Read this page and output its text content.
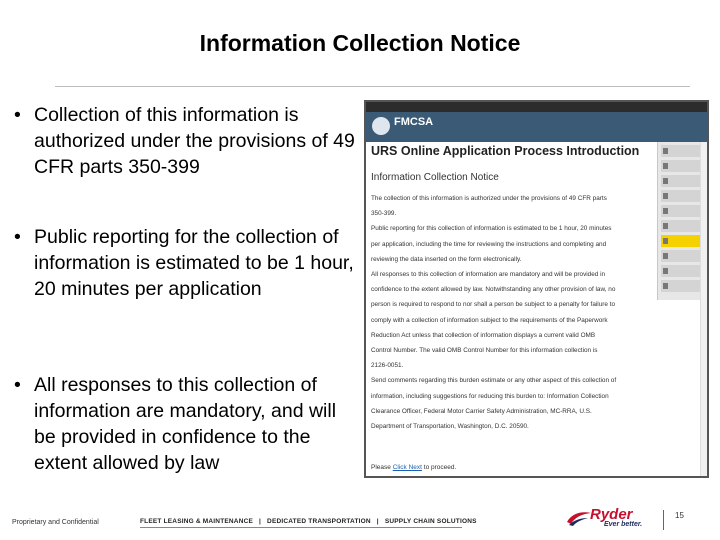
Information Collection Notice
• Collection of this information is authorized under the provisions of 49 CFR parts 350-399
• Public reporting for the collection of information is estimated to be 1 hour, 20 minutes per application
• All responses to this collection of information are mandatory, and will be provided in confidence to the extent allowed by law
FMCSA
URS Online Application Process Introduction
Information Collection Notice
The collection of this information is authorized under the provisions of 49 CFR parts
350-399.
Public reporting for this collection of information is estimated to be 1 hour, 20 minutes
per application, including the time for reviewing the instructions and completing and
reviewing the data inserted on the form electronically.
All responses to this collection of information are mandatory and will be provided in
confidence to the extent allowed by law. Notwithstanding any other provision of law, no
person is required to respond to nor shall a person be subject to a penalty for failure to
comply with a collection of information subject to the requirements of the Paperwork
Reduction Act unless that collection of information displays a current valid OMB
Control Number. The valid OMB Control Number for this information collection is
2126-0051.
Send comments regarding this burden estimate or any other aspect of this collection of
information, including suggestions for reducing this burden to: Information Collection
Clearance Officer, Federal Motor Carrier Safety Administration, MC-RRA, U.S.
Department of Transportation, Washington, D.C. 20590.
Please Click Next to proceed.
Proprietary and Confidential	FLEET LEASING & MAINTENANCE | DEDICATED TRANSPORTATION | SUPPLY CHAIN SOLUTIONS	Ryder
Ever better.
15
